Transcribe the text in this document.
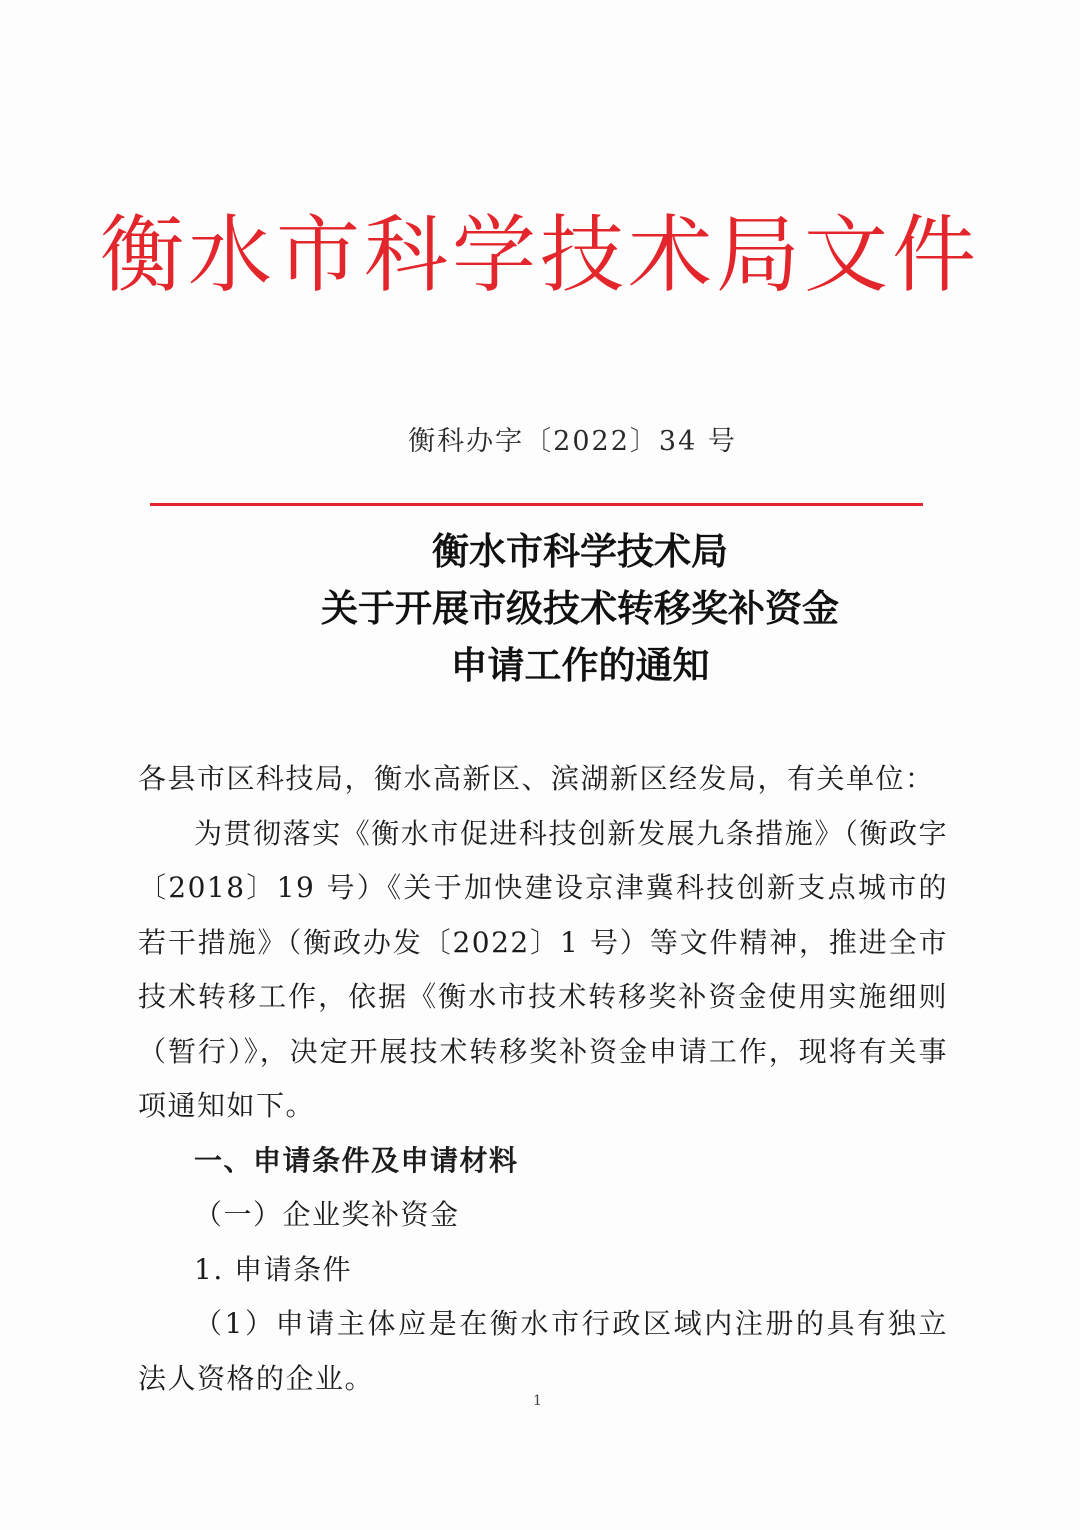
衡水市科学技术局文件
衡科办字〔2022〕34 号
衡水市科学技术局
关于开展市级技术转移奖补资金
申请工作的通知

各县市区科技局，衡水高新区、滨湖新区经发局，有关单位：

为贯彻落实《衡水市促进科技创新发展九条措施》（衡政字〔2018〕19 号）《关于加快建设京津冀科技创新支点城市的若干措施》（衡政办发〔2022〕1 号）等文件精神，推进全市技术转移工作，依据《衡水市技术转移奖补资金使用实施细则（暂行）》，决定开展技术转移奖补资金申请工作，现将有关事项通知如下。

一、申请条件及申请材料

（一）企业奖补资金

1. 申请条件

（1）申请主体应是在衡水市行政区域内注册的具有独立法人资格的企业。

1
